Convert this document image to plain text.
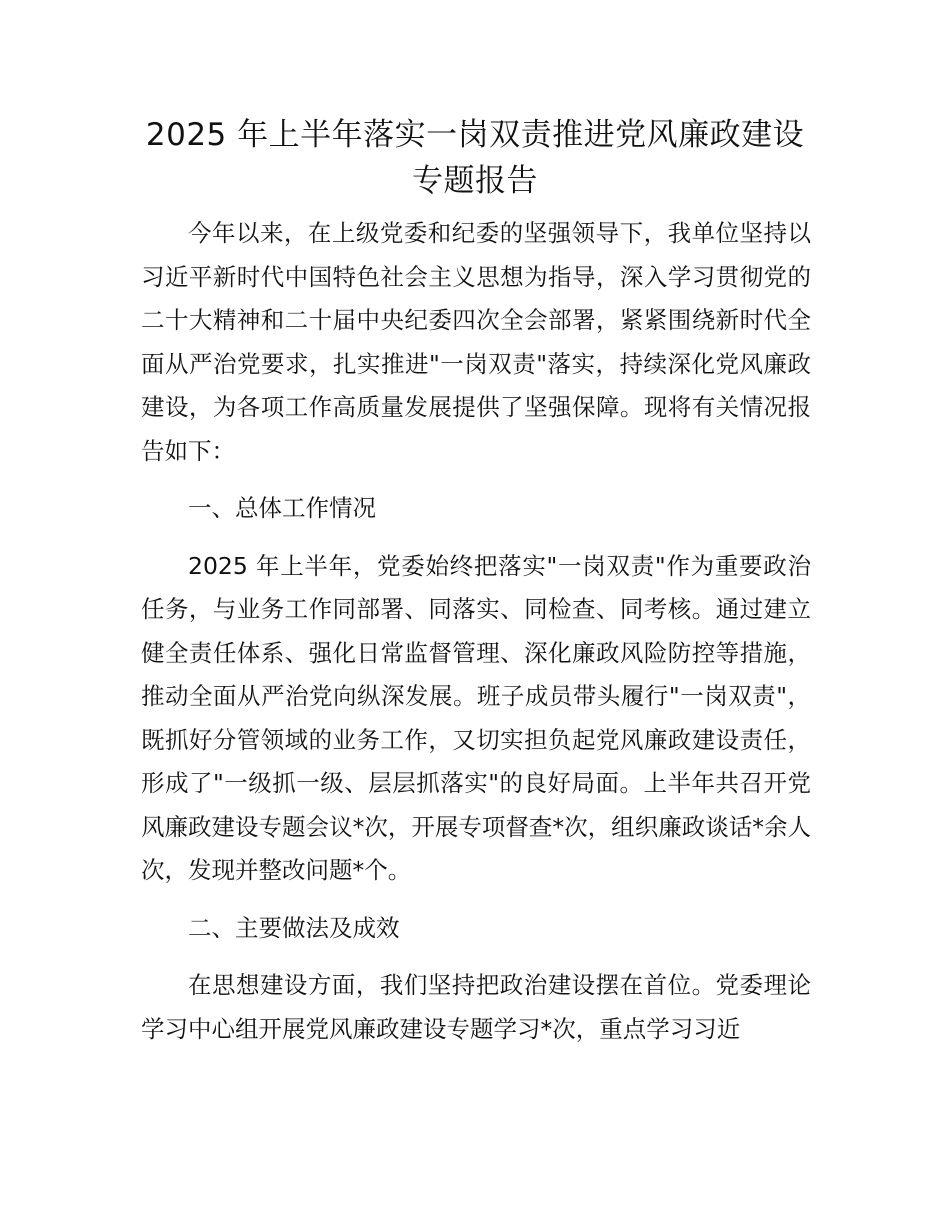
2025 年上半年落实一岗双责推进党风廉政建设专题报告

今年以来，在上级党委和纪委的坚强领导下，我单位坚持以习近平新时代中国特色社会主义思想为指导，深入学习贯彻党的二十大精神和二十届中央纪委四次全会部署，紧紧围绕新时代全面从严治党要求，扎实推进"一岗双责"落实，持续深化党风廉政建设，为各项工作高质量发展提供了坚强保障。现将有关情况报告如下：

一、总体工作情况

2025 年上半年，党委始终把落实"一岗双责"作为重要政治任务，与业务工作同部署、同落实、同检查、同考核。通过建立健全责任体系、强化日常监督管理、深化廉政风险防控等措施，推动全面从严治党向纵深发展。班子成员带头履行"一岗双责"，既抓好分管领域的业务工作，又切实担负起党风廉政建设责任，形成了"一级抓一级、层层抓落实"的良好局面。上半年共召开党风廉政建设专题会议*次，开展专项督查*次，组织廉政谈话*余人次，发现并整改问题*个。

二、主要做法及成效

在思想建设方面，我们坚持把政治建设摆在首位。党委理论学习中心组开展党风廉政建设专题学习*次，重点学习习近
